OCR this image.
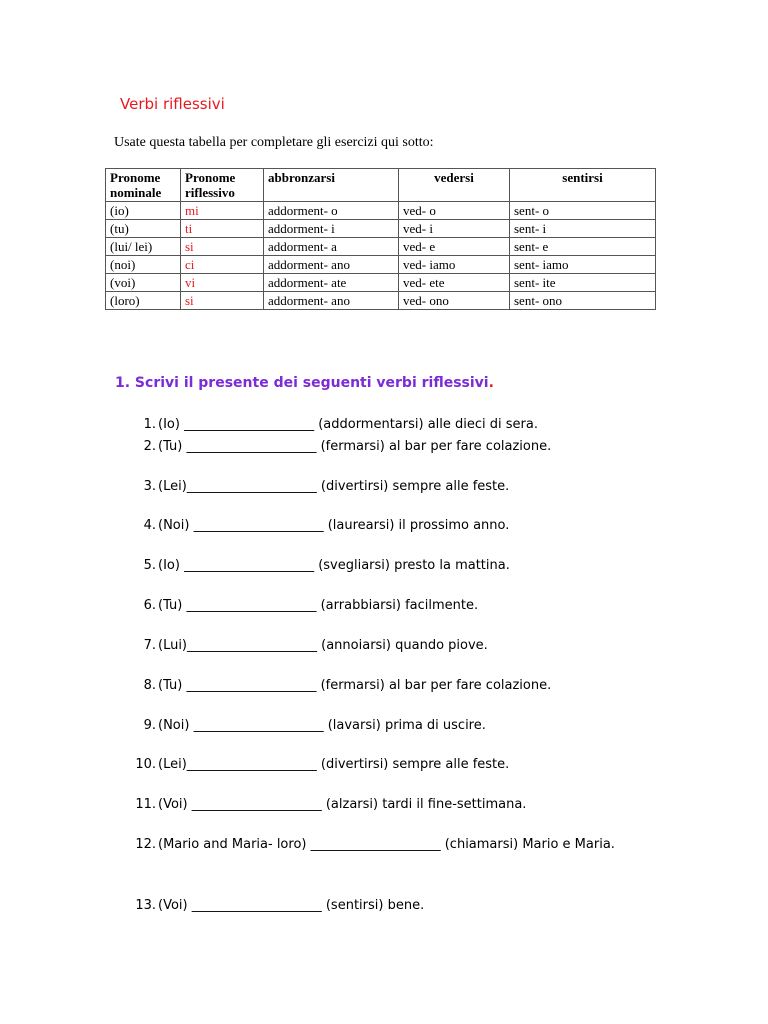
Verbi riflessivi
Usate questa tabella per completare gli esercizi qui sotto:
Pronome nominale	Pronome riflessivo	abbronzarsi	vedersi	sentirsi
(io)	mi	addorment- o	ved- o	sent- o
(tu)	ti	addorment- i	ved- i	sent- i
(lui/ lei)	si	addorment- a	ved- e	sent- e
(noi)	ci	addorment- ano	ved- iamo	sent- iamo
(voi)	vi	addorment- ate	ved- ete	sent- ite
(loro)	si	addorment- ano	ved- ono	sent- ono
1. Scrivi il presente dei seguenti verbi riflessivi.
1. (Io) ____________________ (addormentarsi) alle dieci di sera.
2. (Tu) ____________________ (fermarsi) al bar per fare colazione.
3. (Lei)____________________ (divertirsi) sempre alle feste.
4. (Noi) ____________________ (laurearsi) il prossimo anno.
5. (Io) ____________________ (svegliarsi) presto la mattina.
6. (Tu) ____________________ (arrabbiarsi) facilmente.
7. (Lui)____________________ (annoiarsi) quando piove.
8. (Tu) ____________________ (fermarsi) al bar per fare colazione.
9. (Noi) ____________________ (lavarsi) prima di uscire.
10. (Lei)____________________ (divertirsi) sempre alle feste.
11. (Voi) ____________________ (alzarsi) tardi il fine-settimana.
12. (Mario and Maria- loro) ____________________ (chiamarsi) Mario e Maria.
13. (Voi) ____________________ (sentirsi) bene.
